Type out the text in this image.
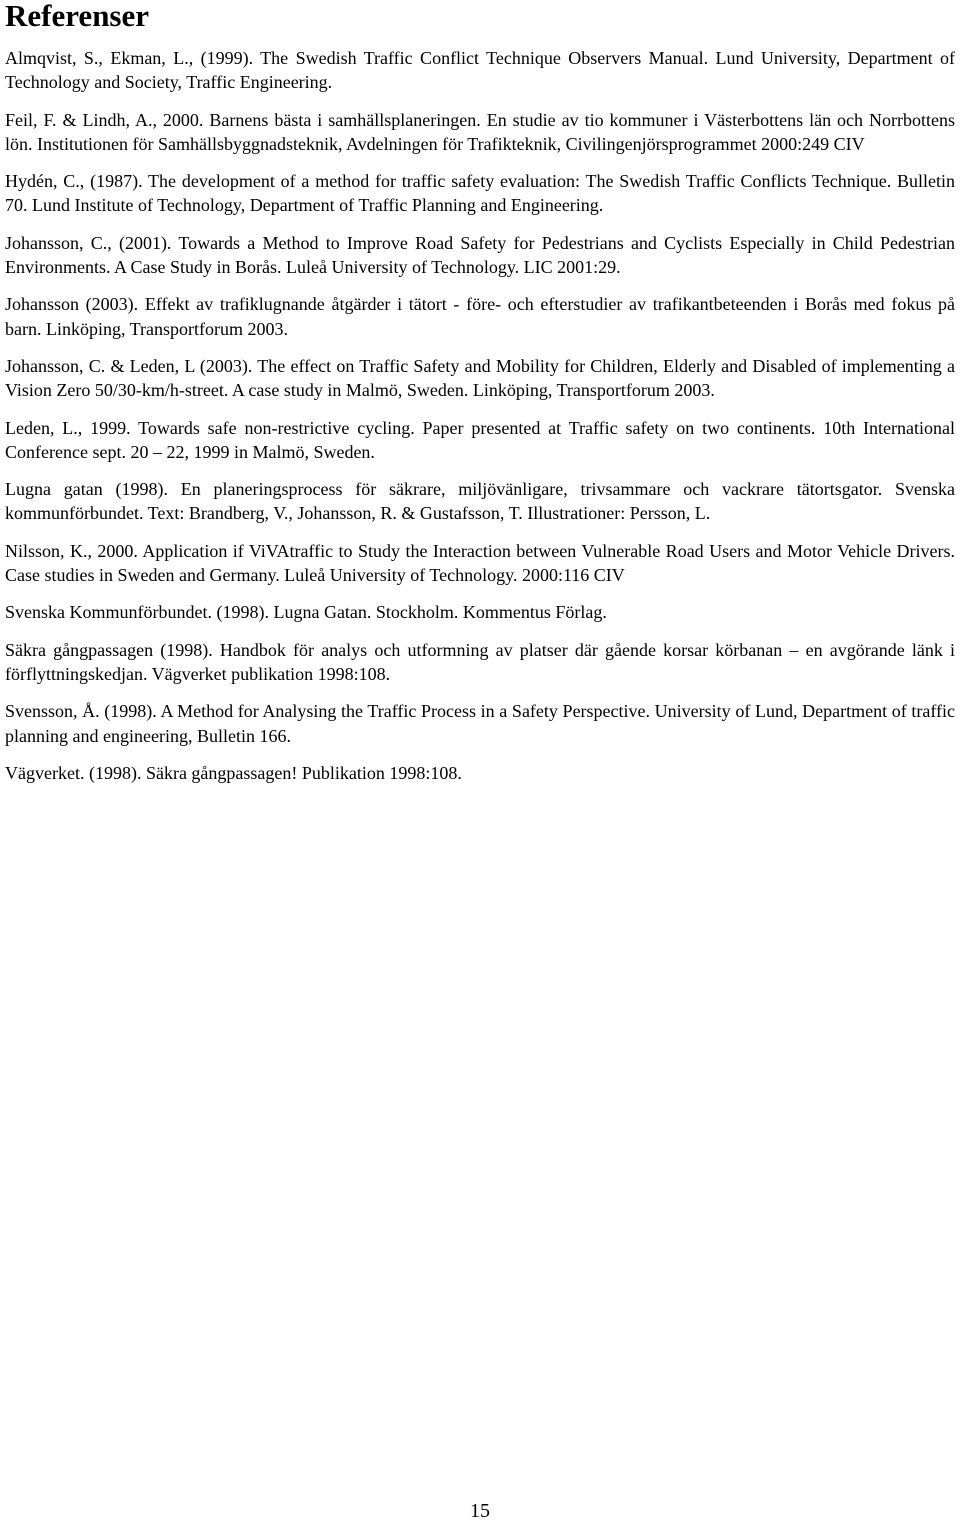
Referenser
Almqvist, S., Ekman, L., (1999). The Swedish Traffic Conflict Technique Observers Manual. Lund University, Department of Technology and Society, Traffic Engineering.
Feil, F. & Lindh, A., 2000. Barnens bästa i samhällsplaneringen. En studie av tio kommuner i Västerbottens län och Norrbottens lön. Institutionen för Samhällsbyggnadsteknik, Avdelningen för Trafikteknik, Civilingenjörsprogrammet 2000:249 CIV
Hydén, C., (1987). The development of a method for traffic safety evaluation: The Swedish Traffic Conflicts Technique. Bulletin 70. Lund Institute of Technology, Department of Traffic Planning and Engineering.
Johansson, C., (2001). Towards a Method to Improve Road Safety for Pedestrians and Cyclists Especially in Child Pedestrian Environments. A Case Study in Borås. Luleå University of Technology. LIC 2001:29.
Johansson (2003). Effekt av trafiklugnande åtgärder i tätort - före- och efterstudier av trafikantbeteenden i Borås med fokus på barn. Linköping, Transportforum 2003.
Johansson, C. & Leden, L (2003). The effect on Traffic Safety and Mobility for Children, Elderly and Disabled of implementing a Vision Zero 50/30-km/h-street. A case study in Malmö, Sweden. Linköping, Transportforum 2003.
Leden, L., 1999. Towards safe non-restrictive cycling. Paper presented at Traffic safety on two continents. 10th International Conference sept. 20 – 22, 1999 in Malmö, Sweden.
Lugna gatan (1998). En planeringsprocess för säkrare, miljövänligare, trivsammare och vackrare tätortsgator. Svenska kommunförbundet. Text: Brandberg, V., Johansson, R. & Gustafsson, T. Illustrationer: Persson, L.
Nilsson, K., 2000. Application if ViVAtraffic to Study the Interaction between Vulnerable Road Users and Motor Vehicle Drivers. Case studies in Sweden and Germany. Luleå University of Technology. 2000:116 CIV
Svenska Kommunförbundet. (1998). Lugna Gatan. Stockholm. Kommentus Förlag.
Säkra gångpassagen (1998). Handbok för analys och utformning av platser där gående korsar körbanan – en avgörande länk i förflyttningskedjan. Vägverket publikation 1998:108.
Svensson, Å. (1998). A Method for Analysing the Traffic Process in a Safety Perspective. University of Lund, Department of traffic planning and engineering, Bulletin 166.
Vägverket. (1998). Säkra gångpassagen! Publikation 1998:108.
15
